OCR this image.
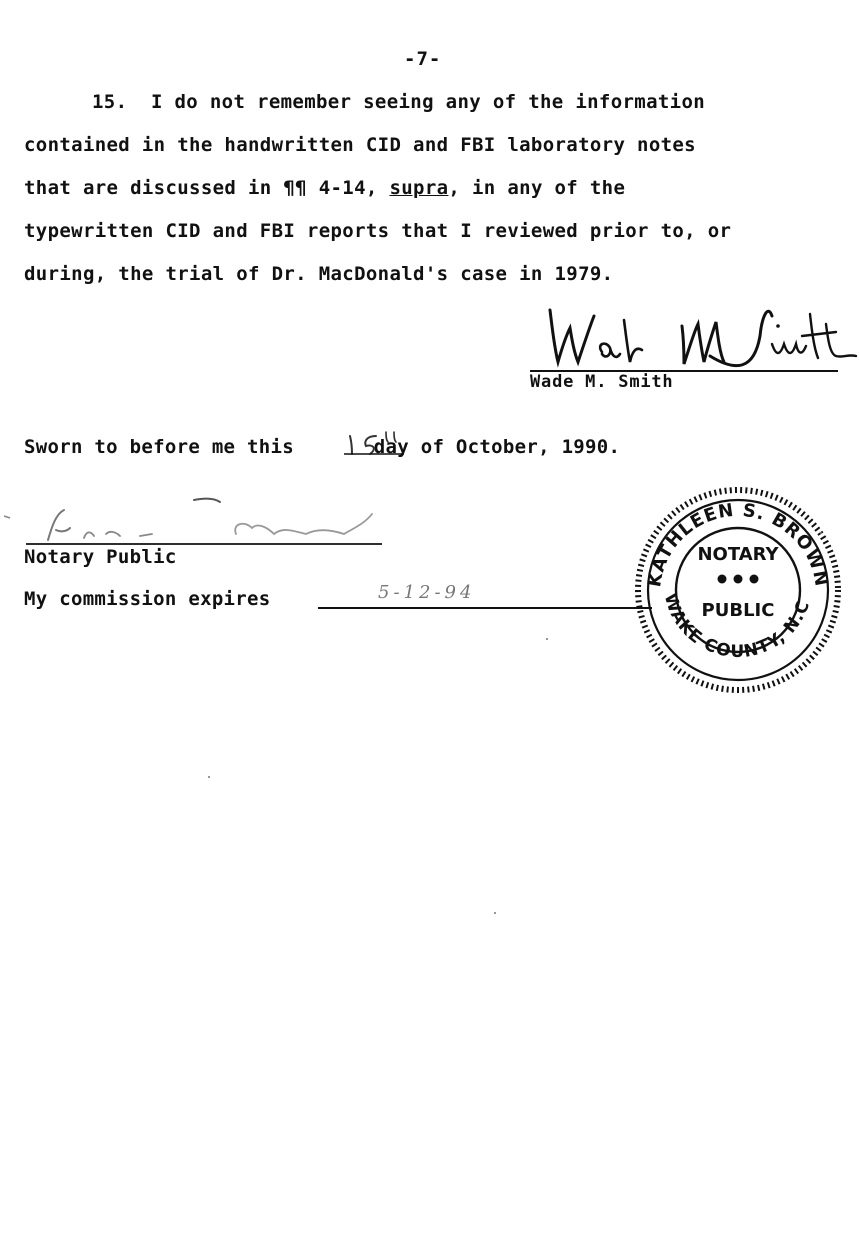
-7-
15.  I do not remember seeing any of the information
contained in the handwritten CID and FBI laboratory notes
that are discussed in ¶¶ 4-14, supra, in any of the
typewritten CID and FBI reports that I reviewed prior to, or
during, the trial of Dr. MacDonald's case in 1979.
Wade M. Smith
Sworn to before me this	day of October, 1990.
Notary Public
My commission expires	5-12-94
KATHLEEN S. BROWN
WAKE COUNTY, N.C.
NOTARY
PUBLIC
